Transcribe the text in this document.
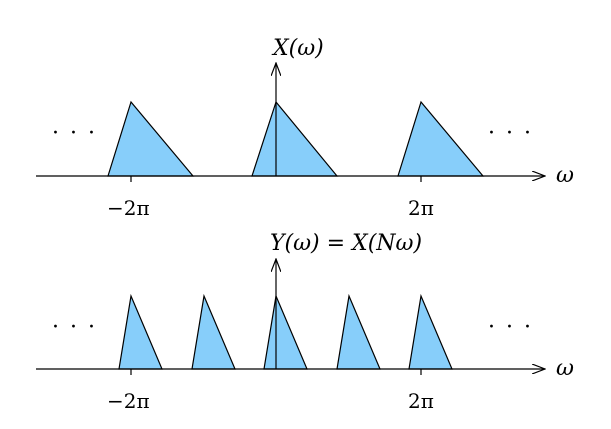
X(ω)
ω
· · ·	· · ·
−2π	2π
Y(ω) = X(Nω)
ω
· · ·	· · ·
−2π	2π
